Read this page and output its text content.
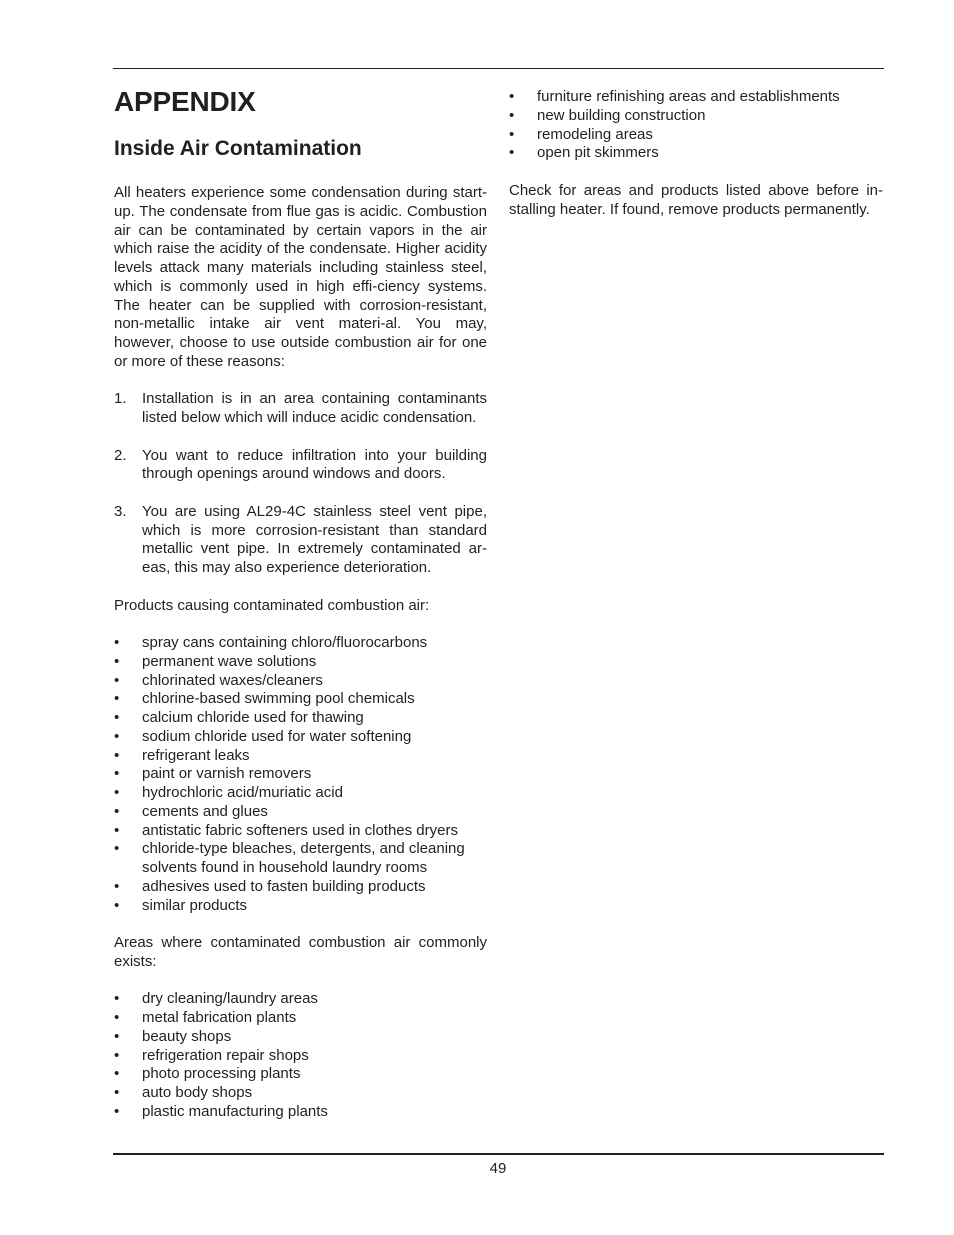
APPENDIX
Inside Air Contamination

All heaters experience some condensation during start-up. The condensate from flue gas is acidic. Combustion air can be contaminated by certain vapors in the air which raise the acidity of the condensate. Higher acidity levels attack many materials including stainless steel, which is commonly used in high effi-ciency systems. The heater can be supplied with corrosion-resistant, non-metallic intake air vent materi-al. You may, however, choose to use outside combustion air for one or more of these reasons:

1.	Installation is in an area containing contaminants listed below which will induce acidic condensation.
2.	You want to reduce infiltration into your building through openings around windows and doors.
3.	You are using AL29-4C stainless steel vent pipe, which is more corrosion-resistant than standard metallic vent pipe. In extremely contaminated ar-eas, this may also experience deterioration.

Products causing contaminated combustion air:

•	spray cans containing chloro/fluorocarbons
•	permanent wave solutions
•	chlorinated waxes/cleaners
•	chlorine-based swimming pool chemicals
•	calcium chloride used for thawing
•	sodium chloride used for water softening
•	refrigerant leaks
•	paint or varnish removers
•	hydrochloric acid/muriatic acid
•	cements and glues
•	antistatic fabric softeners used in clothes dryers
•	chloride-type bleaches, detergents, and cleaning solvents found in household laundry rooms
•	adhesives used to fasten building products
•	similar products

Areas where contaminated combustion air commonly exists:

•	dry cleaning/laundry areas
•	metal fabrication plants
•	beauty shops
•	refrigeration repair shops
•	photo processing plants
•	auto body shops
•	plastic manufacturing plants
•	furniture refinishing areas and establishments
•	new building construction
•	remodeling areas
•	open pit skimmers

Check for areas and products listed above before in-stalling heater. If found, remove products permanently.

49
